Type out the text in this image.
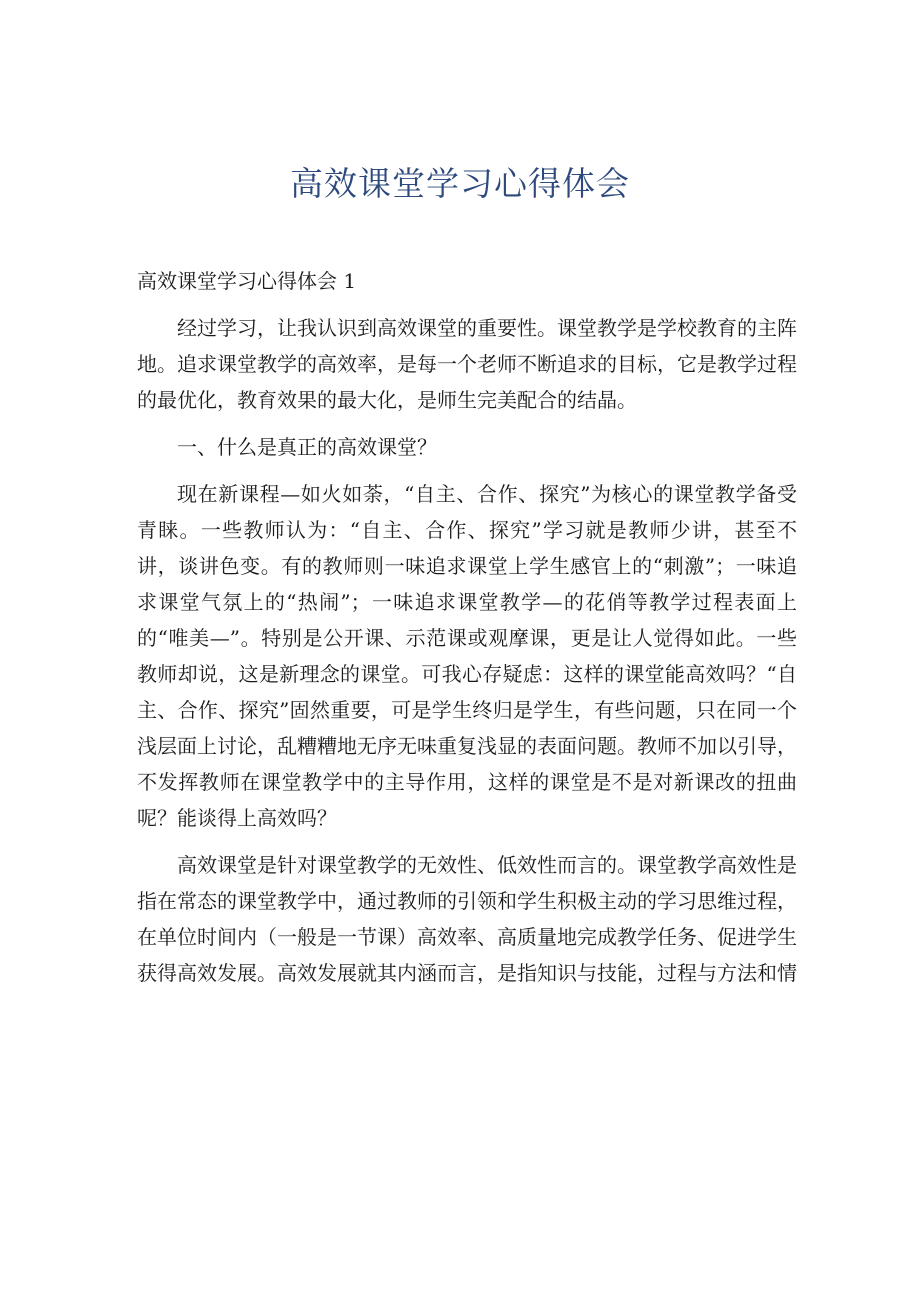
高效课堂学习心得体会
高效课堂学习心得体会 1

经过学习，让我认识到高效课堂的重要性。课堂教学是学校教育的主阵地。追求课堂教学的高效率，是每一个老师不断追求的目标，它是教学过程的最优化，教育效果的最大化，是师生完美配合的结晶。

一、什么是真正的高效课堂？

现在新课程—如火如荼，“自主、合作、探究”为核心的课堂教学备受青睐。一些教师认为：“自主、合作、探究”学习就是教师少讲，甚至不讲，谈讲色变。有的教师则一味追求课堂上学生感官上的“刺激”；一味追求课堂气氛上的“热闹”；一味追求课堂教学—的花俏等教学过程表面上的“唯美—”。特别是公开课、示范课或观摩课，更是让人觉得如此。一些教师却说，这是新理念的课堂。可我心存疑虑：这样的课堂能高效吗？“自主、合作、探究”固然重要，可是学生终归是学生，有些问题，只在同一个浅层面上讨论，乱糟糟地无序无味重复浅显的表面问题。教师不加以引导，不发挥教师在课堂教学中的主导作用，这样的课堂是不是对新课改的扭曲呢？能谈得上高效吗？

高效课堂是针对课堂教学的无效性、低效性而言的。课堂教学高效性是指在常态的课堂教学中，通过教师的引领和学生积极主动的学习思维过程，在单位时间内（一般是一节课）高效率、高质量地完成教学任务、促进学生获得高效发展。高效发展就其内涵而言，是指知识与技能，过程与方法和情
